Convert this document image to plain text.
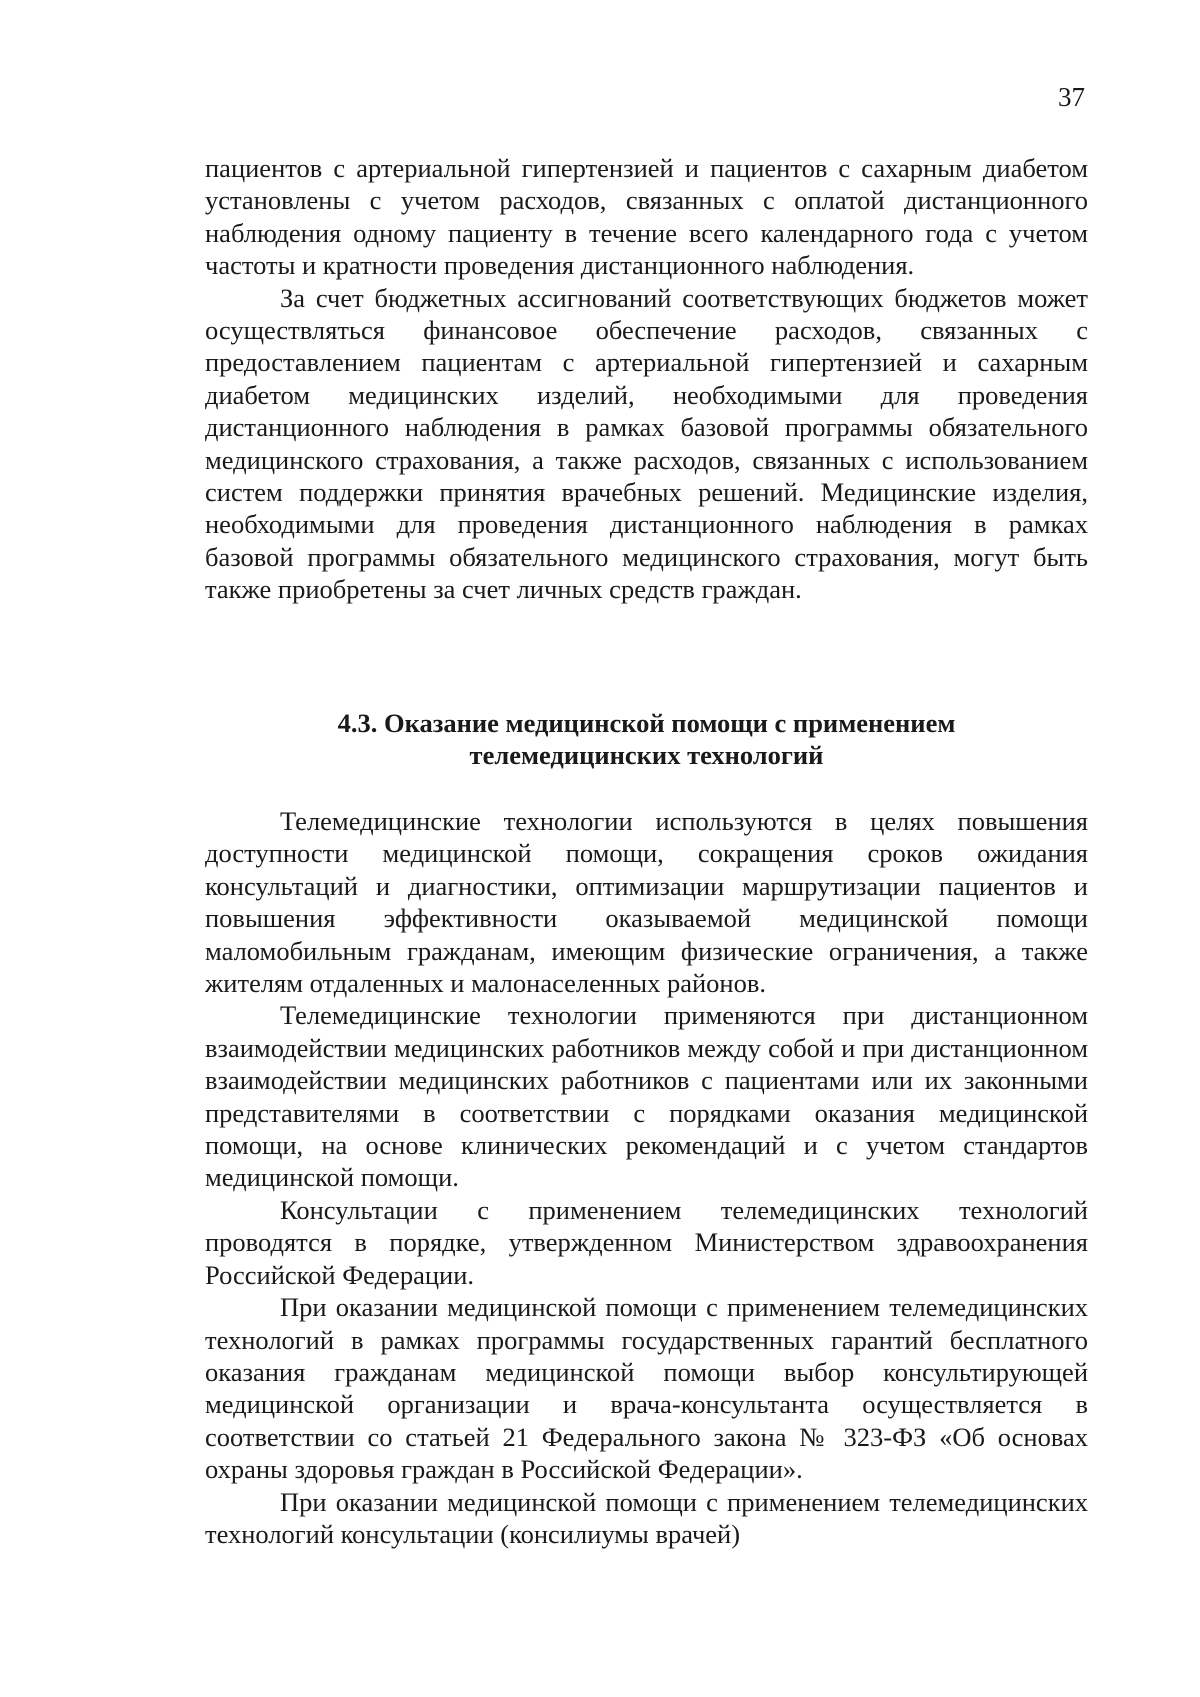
37

пациентов с артериальной гипертензией и пациентов с сахарным диабетом установлены с учетом расходов, связанных с оплатой дистанционного наблюдения одному пациенту в течение всего календарного года с учетом частоты и кратности проведения дистанционного наблюдения.

За счет бюджетных ассигнований соответствующих бюджетов может осуществляться финансовое обеспечение расходов, связанных с предоставлением пациентам с артериальной гипертензией и сахарным диабетом медицинских изделий, необходимыми для проведения дистанционного наблюдения в рамках базовой программы обязательного медицинского страхования, а также расходов, связанных с использованием систем поддержки принятия врачебных решений. Медицинские изделия, необходимыми для проведения дистанционного наблюдения в рамках базовой программы обязательного медицинского страхования, могут быть также приобретены за счет личных средств граждан.

4.3. Оказание медицинской помощи с применением
телемедицинских технологий

Телемедицинские технологии используются в целях повышения доступности медицинской помощи, сокращения сроков ожидания консультаций и диагностики, оптимизации маршрутизации пациентов и повышения эффективности оказываемой медицинской помощи маломобильным гражданам, имеющим физические ограничения, а также жителям отдаленных и малонаселенных районов.

Телемедицинские технологии применяются при дистанционном взаимодействии медицинских работников между собой и при дистанционном взаимодействии медицинских работников с пациентами или их законными представителями в соответствии с порядками оказания медицинской помощи, на основе клинических рекомендаций и с учетом стандартов медицинской помощи.

Консультации с применением телемедицинских технологий проводятся в порядке, утвержденном Министерством здравоохранения Российской Федерации.

При оказании медицинской помощи с применением телемедицинских технологий в рамках программы государственных гарантий бесплатного оказания гражданам медицинской помощи выбор консультирующей медицинской организации и врача-консультанта осуществляется в соответствии со статьей 21 Федерального закона № 323-ФЗ «Об основах охраны здоровья граждан в Российской Федерации».

При оказании медицинской помощи с применением телемедицинских технологий консультации (консилиумы врачей)
